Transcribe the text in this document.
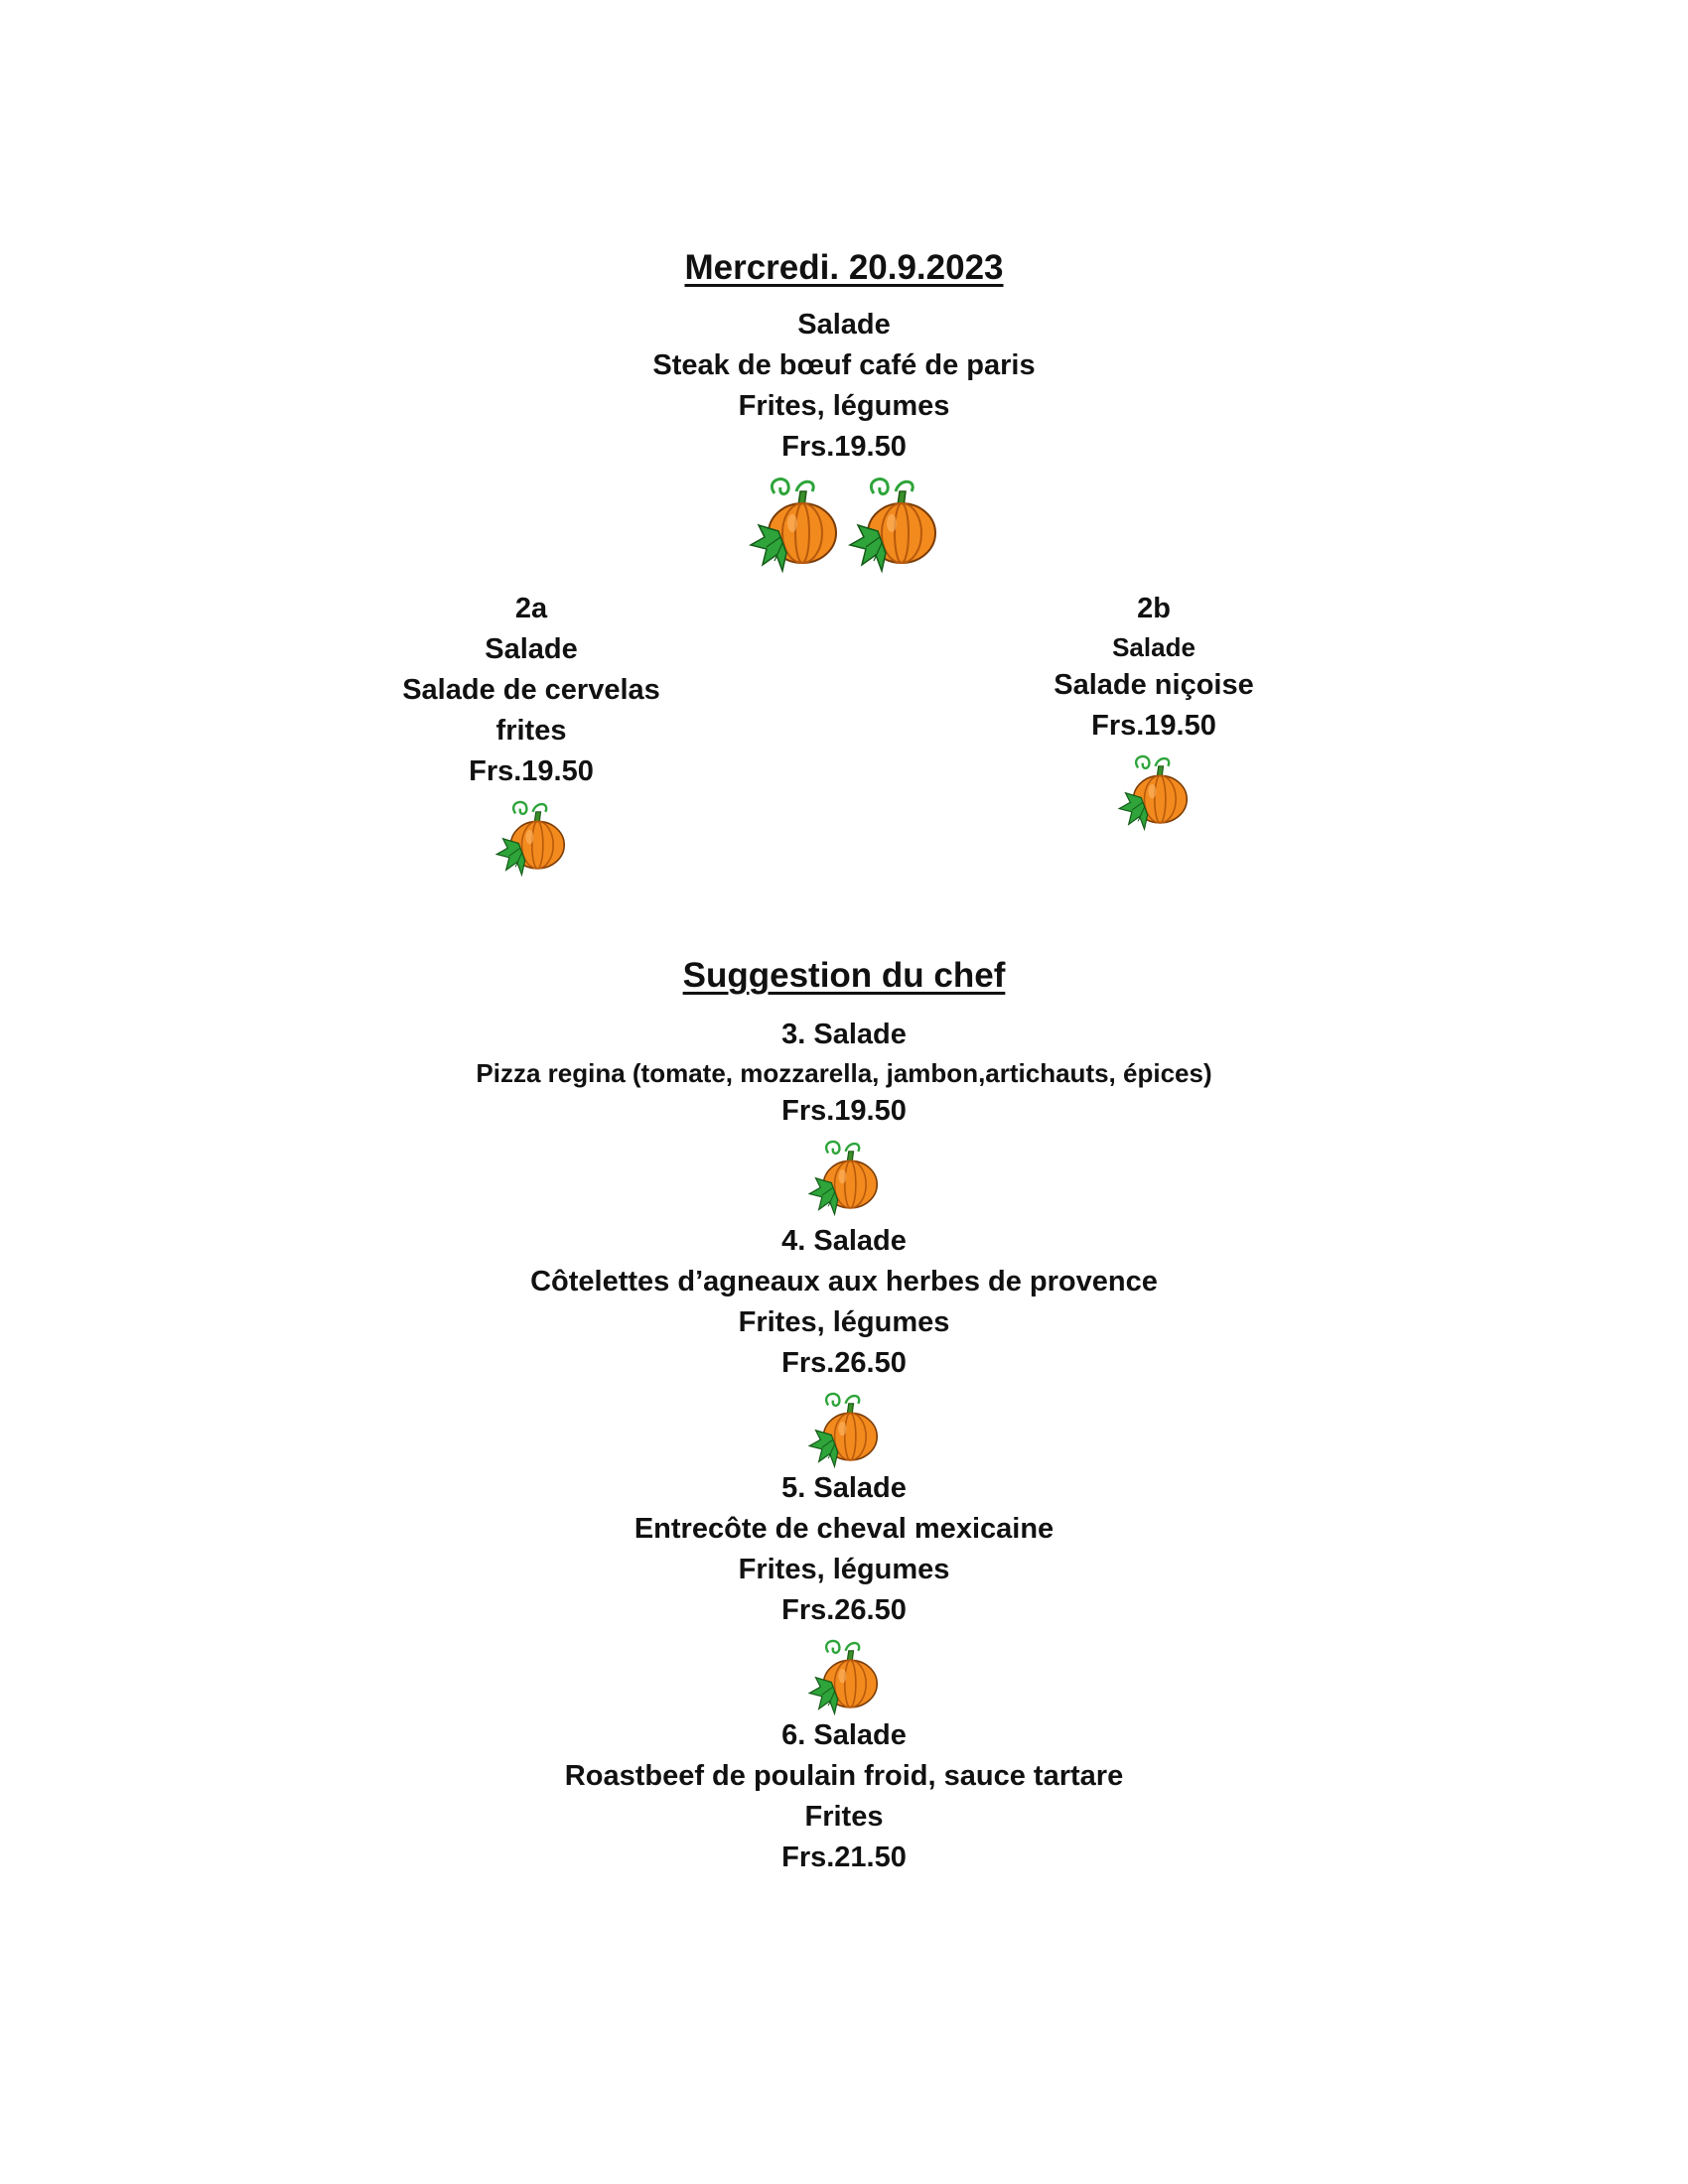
Mercredi. 20.9.2023
Salade
Steak de bœuf café de paris
Frites, légumes
Frs.19.50
2a
Salade
Salade de cervelas
frites
Frs.19.50
2b
Salade
Salade niçoise
Frs.19.50
Suggestion du chef
3. Salade
Pizza regina (tomate, mozzarella, jambon,artichauts, épices)
Frs.19.50
4. Salade
Côtelettes d’agneaux aux herbes de provence
Frites, légumes
Frs.26.50
5. Salade
Entrecôte de cheval mexicaine
Frites, légumes
Frs.26.50
6. Salade
Roastbeef de poulain froid, sauce tartare
Frites
Frs.21.50
